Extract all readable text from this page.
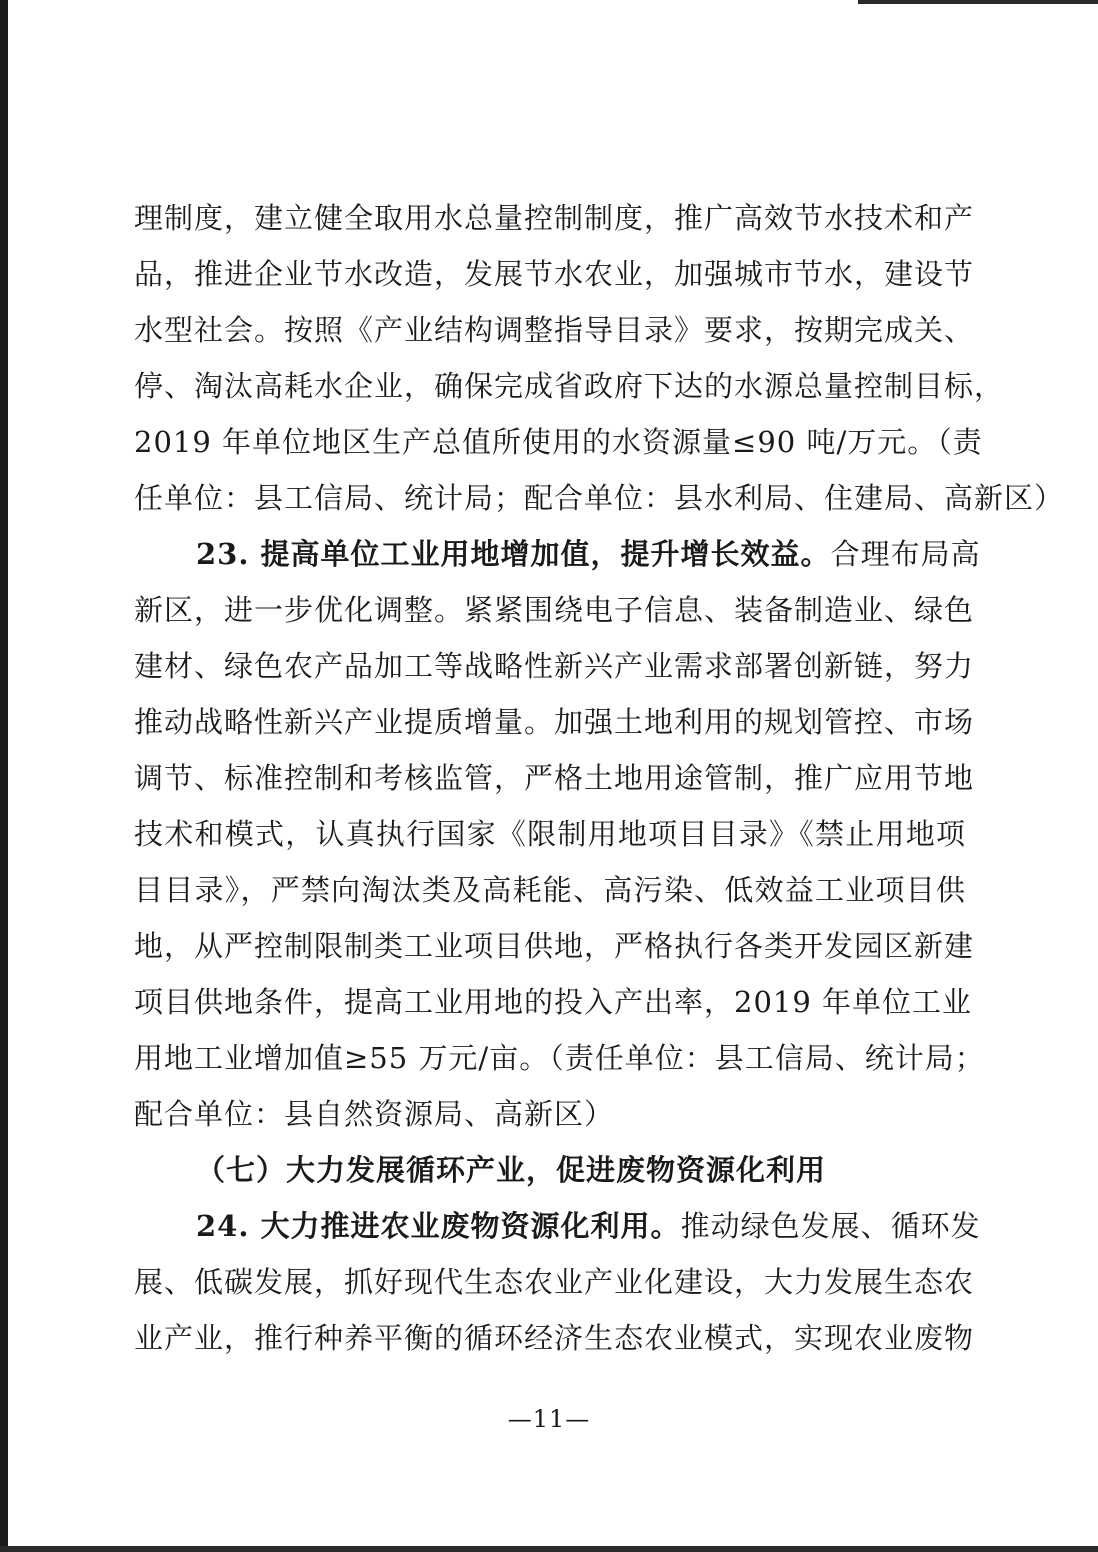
理制度，建立健全取用水总量控制制度，推广高效节水技术和产
品，推进企业节水改造，发展节水农业，加强城市节水，建设节
水型社会。按照《产业结构调整指导目录》要求，按期完成关、
停、淘汰高耗水企业，确保完成省政府下达的水源总量控制目标，
2019 年单位地区生产总值所使用的水资源量≤90 吨/万元。（责
任单位：县工信局、统计局；配合单位：县水利局、住建局、高新区）
23. 提高单位工业用地增加值，提升增长效益。合理布局高
新区，进一步优化调整。紧紧围绕电子信息、装备制造业、绿色
建材、绿色农产品加工等战略性新兴产业需求部署创新链，努力
推动战略性新兴产业提质增量。加强土地利用的规划管控、市场
调节、标准控制和考核监管，严格土地用途管制，推广应用节地
技术和模式，认真执行国家《限制用地项目目录》《禁止用地项
目目录》，严禁向淘汰类及高耗能、高污染、低效益工业项目供
地，从严控制限制类工业项目供地，严格执行各类开发园区新建
项目供地条件，提高工业用地的投入产出率，2019 年单位工业
用地工业增加值≥55 万元/亩。（责任单位：县工信局、统计局；
配合单位：县自然资源局、高新区）
（七）大力发展循环产业，促进废物资源化利用
24. 大力推进农业废物资源化利用。推动绿色发展、循环发
展、低碳发展，抓好现代生态农业产业化建设，大力发展生态农
业产业，推行种养平衡的循环经济生态农业模式，实现农业废物
—11—
